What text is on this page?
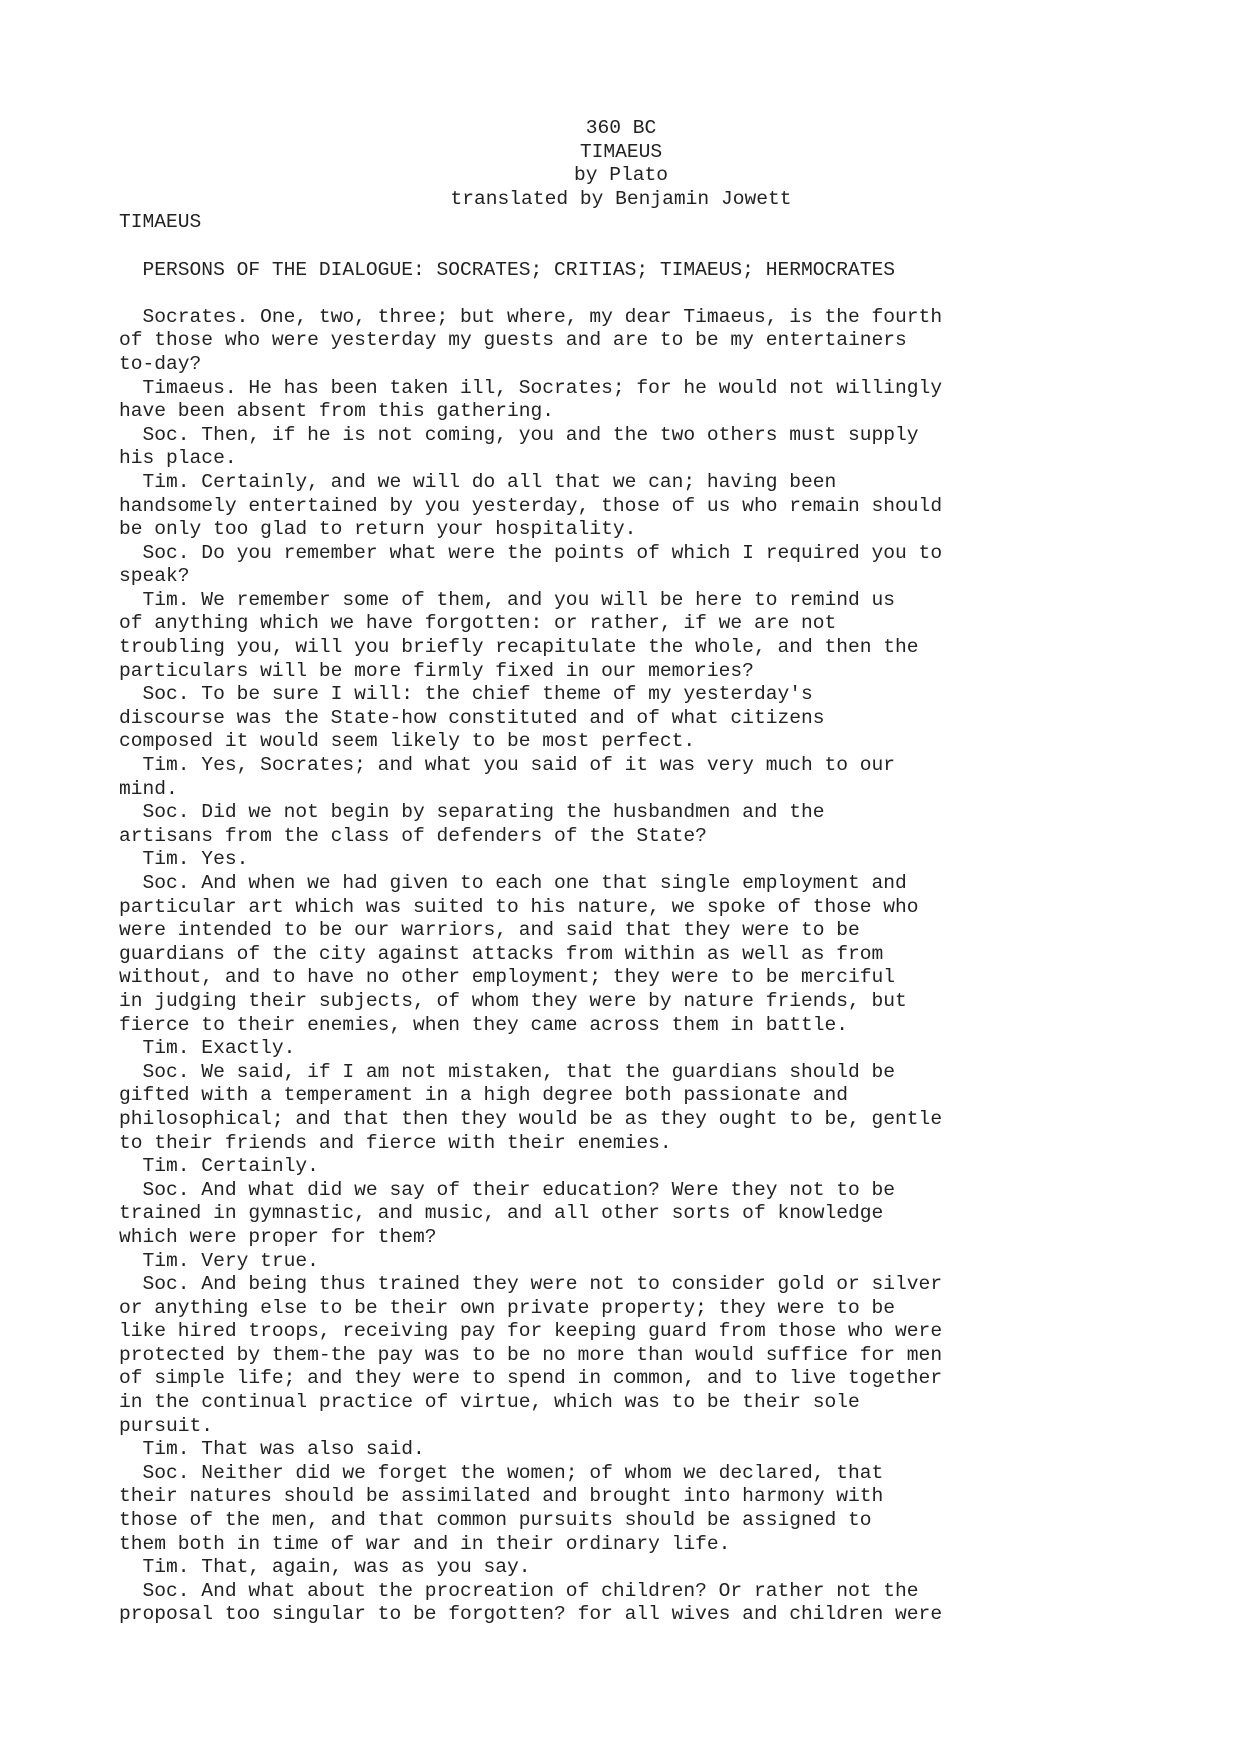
360 BC
TIMAEUS
by Plato
translated by Benjamin Jowett
TIMAEUS
PERSONS OF THE DIALOGUE: SOCRATES; CRITIAS; TIMAEUS; HERMOCRATES
Socrates. One, two, three; but where, my dear Timaeus, is the fourth
of those who were yesterday my guests and are to be my entertainers
to-day?
Timaeus. He has been taken ill, Socrates; for he would not willingly
have been absent from this gathering.
Soc. Then, if he is not coming, you and the two others must supply
his place.
Tim. Certainly, and we will do all that we can; having been
handsomely entertained by you yesterday, those of us who remain should
be only too glad to return your hospitality.
Soc. Do you remember what were the points of which I required you to
speak?
Tim. We remember some of them, and you will be here to remind us
of anything which we have forgotten: or rather, if we are not
troubling you, will you briefly recapitulate the whole, and then the
particulars will be more firmly fixed in our memories?
Soc. To be sure I will: the chief theme of my yesterday's
discourse was the State-how constituted and of what citizens
composed it would seem likely to be most perfect.
Tim. Yes, Socrates; and what you said of it was very much to our
mind.
Soc. Did we not begin by separating the husbandmen and the
artisans from the class of defenders of the State?
Tim. Yes.
Soc. And when we had given to each one that single employment and
particular art which was suited to his nature, we spoke of those who
were intended to be our warriors, and said that they were to be
guardians of the city against attacks from within as well as from
without, and to have no other employment; they were to be merciful
in judging their subjects, of whom they were by nature friends, but
fierce to their enemies, when they came across them in battle.
Tim. Exactly.
Soc. We said, if I am not mistaken, that the guardians should be
gifted with a temperament in a high degree both passionate and
philosophical; and that then they would be as they ought to be, gentle
to their friends and fierce with their enemies.
Tim. Certainly.
Soc. And what did we say of their education? Were they not to be
trained in gymnastic, and music, and all other sorts of knowledge
which were proper for them?
Tim. Very true.
Soc. And being thus trained they were not to consider gold or silver
or anything else to be their own private property; they were to be
like hired troops, receiving pay for keeping guard from those who were
protected by them-the pay was to be no more than would suffice for men
of simple life; and they were to spend in common, and to live together
in the continual practice of virtue, which was to be their sole
pursuit.
Tim. That was also said.
Soc. Neither did we forget the women; of whom we declared, that
their natures should be assimilated and brought into harmony with
those of the men, and that common pursuits should be assigned to
them both in time of war and in their ordinary life.
Tim. That, again, was as you say.
Soc. And what about the procreation of children? Or rather not the
proposal too singular to be forgotten? for all wives and children were
